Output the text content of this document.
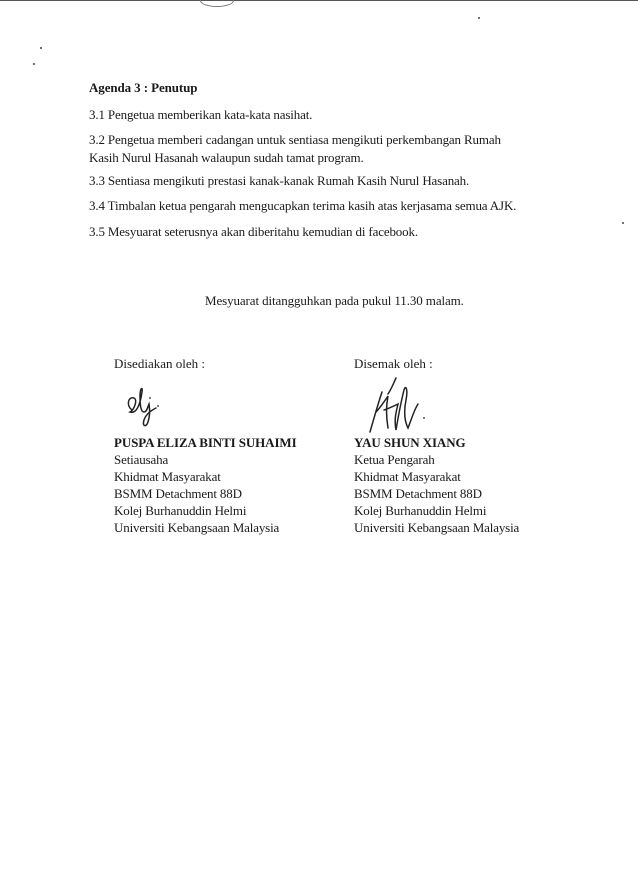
Agenda 3 : Penutup
3.1 Pengetua memberikan kata-kata nasihat.
3.2 Pengetua memberi cadangan untuk sentiasa mengikuti perkembangan Rumah Kasih Nurul Hasanah walaupun sudah tamat program.
3.3 Sentiasa mengikuti prestasi kanak-kanak Rumah Kasih Nurul Hasanah.
3.4 Timbalan ketua pengarah mengucapkan terima kasih atas kerjasama semua AJK.
3.5 Mesyuarat seterusnya akan diberitahu kemudian di facebook.
Mesyuarat ditangguhkan pada pukul 11.30 malam.
Disediakan oleh :
PUSPA ELIZA BINTI SUHAIMI
Setiausaha
Khidmat Masyarakat
BSMM Detachment 88D
Kolej Burhanuddin Helmi
Universiti Kebangsaan Malaysia
Disemak oleh :
YAU SHUN XIANG
Ketua Pengarah
Khidmat Masyarakat
BSMM Detachment 88D
Kolej Burhanuddin Helmi
Universiti Kebangsaan Malaysia
